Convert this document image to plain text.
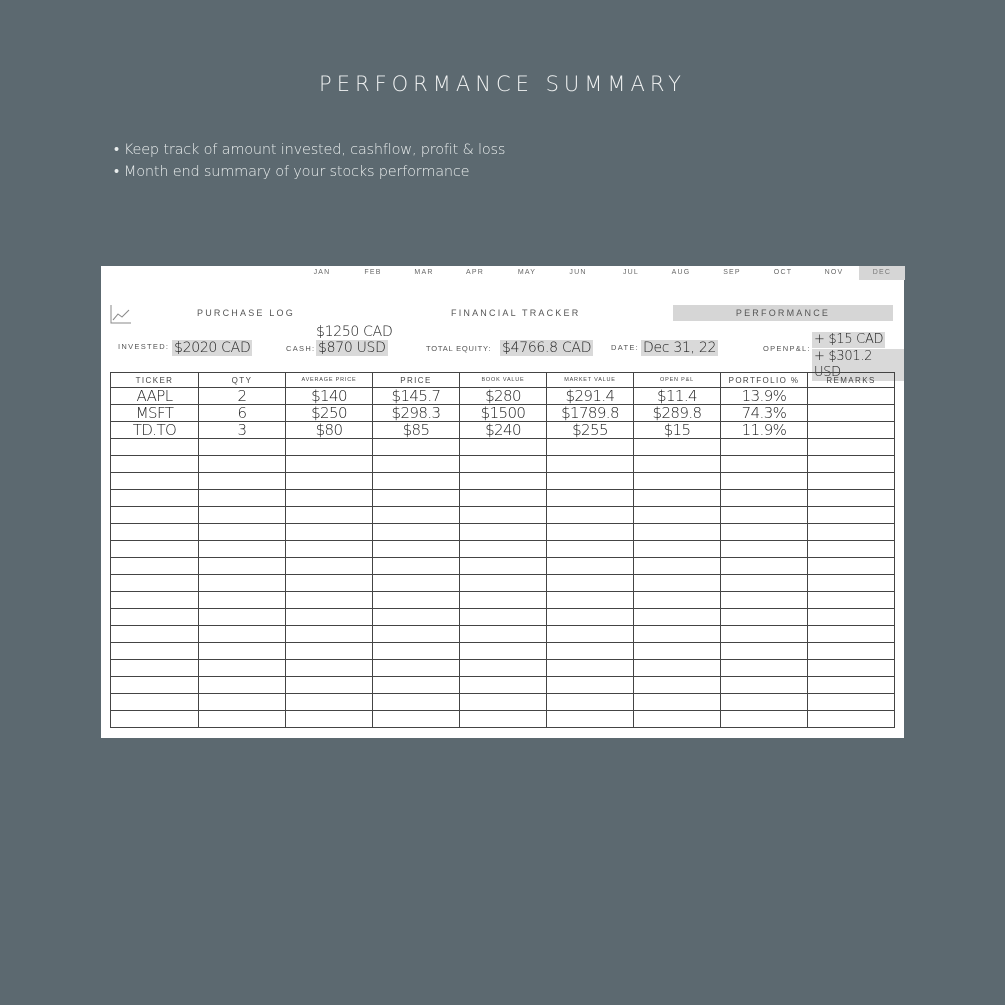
PERFORMANCE SUMMARY
• Keep track of amount invested, cashflow, profit & loss
• Month end summary of your stocks performance
JAN	FEB	MAR	APR	MAY	JUN	JUL	AUG	SEP	OCT	NOV	DEC
PURCHASE LOG	FINANCIAL TRACKER	PERFORMANCE
INVESTED: $2020 CAD	CASH:
$1250 CAD
$870 USD	TOTAL EQUITY: $4766.8 CAD	DATE: Dec 31, 22	OPENP&L:
+ $15 CAD
+ $301.2 USD
TICKER	QTY	AVERAGE PRICE	PRICE	BOOK VALUE	MARKET VALUE	OPEN P&L	PORTFOLIO %	REMARKS
AAPL	2	$140	$145.7	$280	$291.4	$11.4	13.9%	
MSFT	6	$250	$298.3	$1500	$1789.8	$289.8	74.3%	
TD.TO	3	$80	$85	$240	$255	$15	11.9%	
